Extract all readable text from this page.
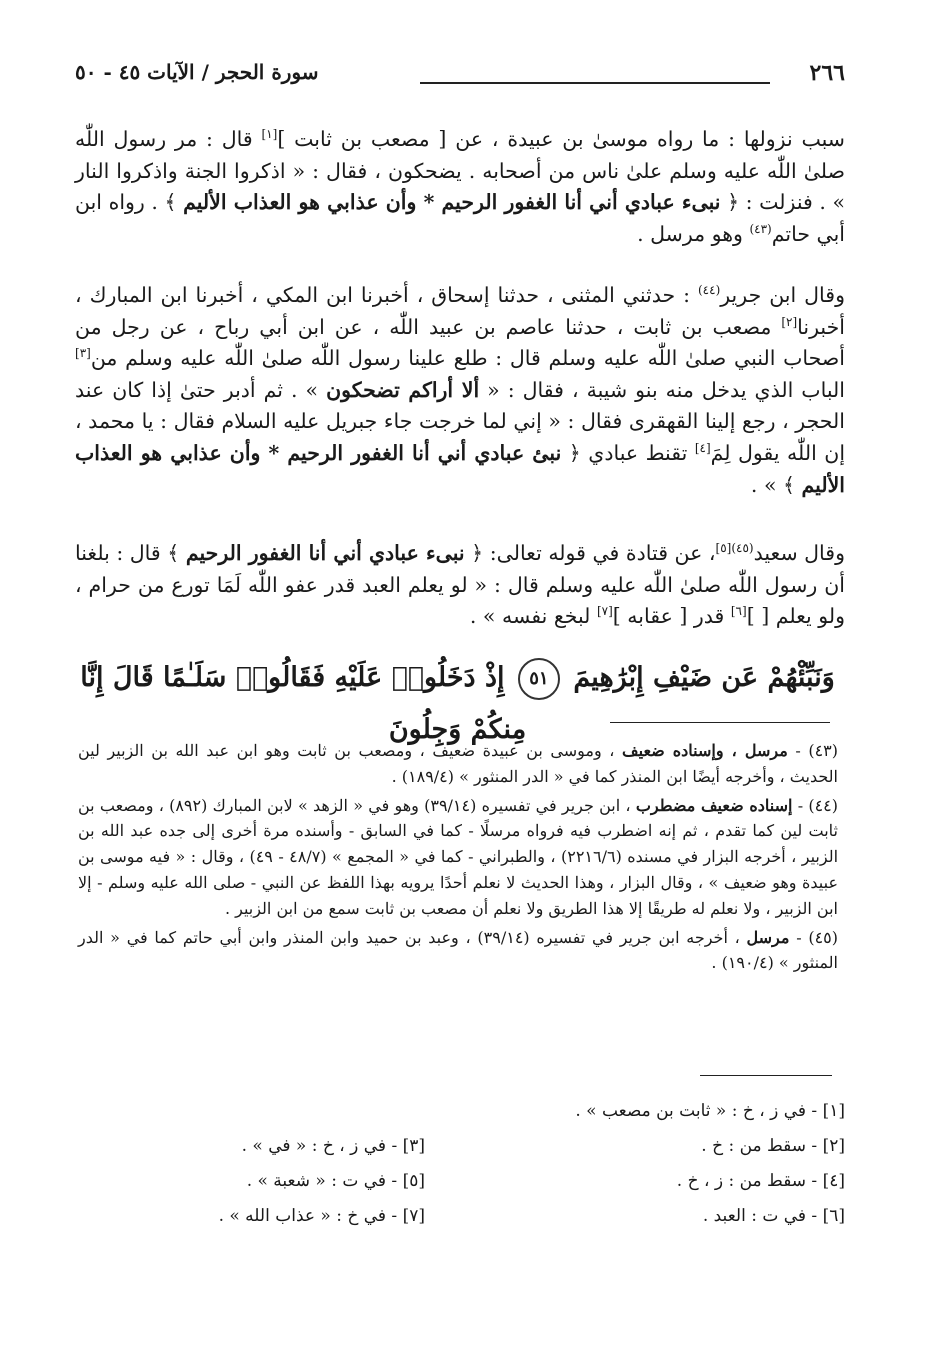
٢٦٦
سورة الحجر / الآيات ٤٥ - ٥٠
سبب نزولها : ما رواه موسىٰ بن عبيدة ، عن [ مصعب بن ثابت ][١] قال : مر رسول اللّٰه صلىٰ اللّٰه عليه وسلم علىٰ ناس من أصحابه . يضحكون ، فقال : « اذكروا الجنة واذكروا النار » . فنزلت : ﴿ نبىء عبادي أني أنا الغفور الرحيم * وأن عذابي هو العذاب الأليم ﴾ . رواه ابن أبي حاتم$^{(٤٣)}$ وهو مرسل .
وقال ابن جرير$^{(٤٤)}$ : حدثني المثنى ، حدثنا إسحاق ، أخبرنا ابن المكي ، أخبرنا ابن المبارك ، أخبرنا[٢] مصعب بن ثابت ، حدثنا عاصم بن عبيد اللّٰه ، عن ابن أبي رباح ، عن رجل من أصحاب النبي صلىٰ اللّٰه عليه وسلم قال : طلع علينا رسول اللّٰه صلىٰ اللّٰه عليه وسلم من[٣] الباب الذي يدخل منه بنو شيبة ، فقال : « ألا أراكم تضحكون » . ثم أدبر حتىٰ إذا كان عند الحجر ، رجع إلينا القهقرى فقال : « إني لما خرجت جاء جبريل عليه السلام فقال : يا محمد ، إن اللّٰه يقول لِمَ[٤] تقنط عبادي ﴿ نبئ عبادي أني أنا الغفور الرحيم * وأن عذابي هو العذاب الأليم ﴾ » .
وقال سعيد$^{(٤٥)[٥]}$، عن قتادة في قوله تعالى: ﴿ نبىء عبادي أني أنا الغفور الرحيم ﴾ قال : بلغنا أن رسول اللّٰه صلىٰ اللّٰه عليه وسلم قال : « لو يعلم العبد قدر عفو اللّٰه لَمَا تورع من حرام ، ولو يعلم [ ][٦] قدر [ عقابه ][٧] لبخع نفسه » .
وَنَبِّئْهُمْ عَن ضَيْفِ إِبْرَٰهِيمَ ٥١ إِذْ دَخَلُوا۟ عَلَيْهِ فَقَالُوا۟ سَلَـٰمًا قَالَ إِنَّا مِنكُمْ وَجِلُونَ

(٤٣) - مرسل ، وإسناده ضعيف ، وموسى بن عبيدة ضعيف ، ومصعب بن ثابت وهو ابن عبد الله بن الزبير لين الحديث ، وأخرجه أيضًا ابن المنذر كما في « الدر المنثور » (١٨٩/٤) .

(٤٤) - إسناده ضعيف مضطرب ، ابن جرير في تفسيره (٣٩/١٤) وهو في « الزهد » لابن المبارك (٨٩٢) ، ومصعب بن ثابت لين كما تقدم ، ثم إنه اضطرب فيه فرواه مرسلًا - كما في السابق - وأسنده مرة أخرى إلى جده عبد الله بن الزبير ، أخرجه البزار في مسنده (٢٢١٦/٦) ، والطبراني - كما في « المجمع » (٤٨/٧ - ٤٩) ، وقال : « فيه موسى بن عبيدة وهو ضعيف » ، وقال البزار ، وهذا الحديث لا نعلم أحدًا يرويه بهذا اللفظ عن النبي - صلى الله عليه وسلم - إلا ابن الزبير ، ولا نعلم له طريقًا إلا هذا الطريق ولا نعلم أن مصعب بن ثابت سمع من ابن الزبير .

(٤٥) - مرسل ، أخرجه ابن جرير في تفسيره (٣٩/١٤) ، وعبد بن حميد وابن المنذر وابن أبي حاتم كما في « الدر المنثور » (١٩٠/٤) .

[١] - في ز ، خ : « ثابت بن مصعب » .
[٢] - سقط من : خ .
[٣] - في ز ، خ : « في » .
[٤] - سقط من : ز ، خ .
[٥] - في ت : « شعبة » .
[٦] - في ت : العبد .
[٧] - في خ : « عذاب الله » .
